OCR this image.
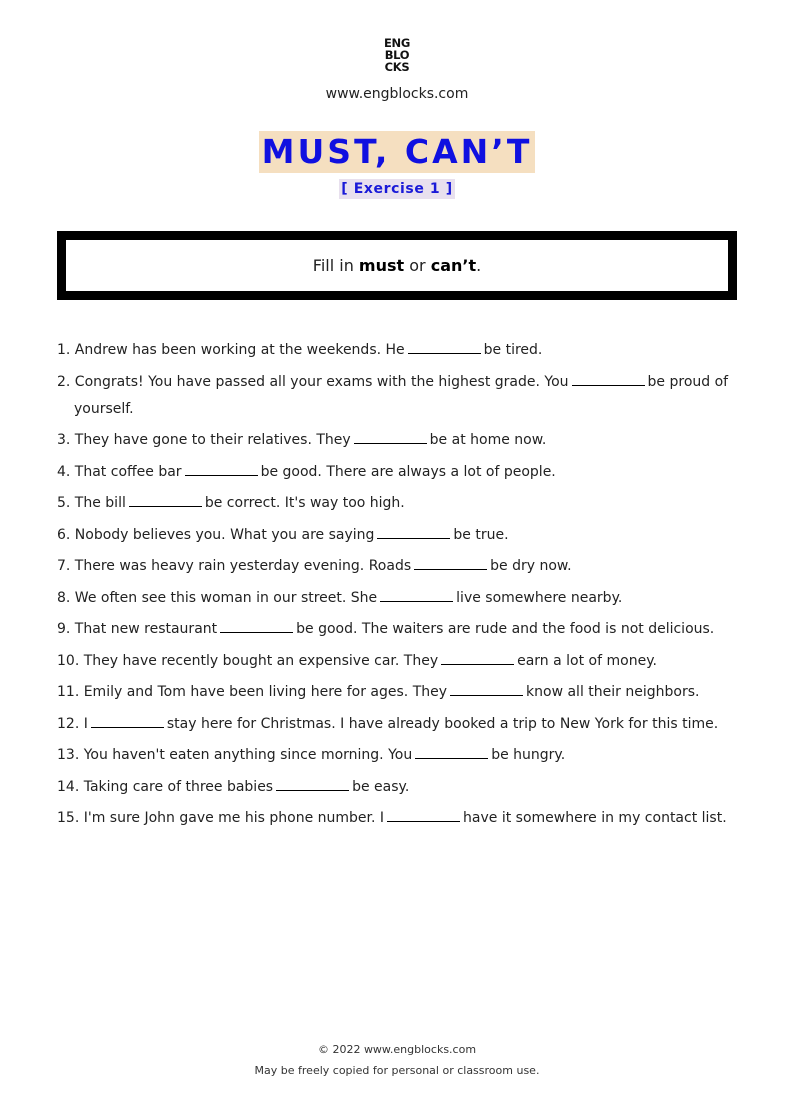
ENG
BLO
CKS
www.engblocks.com
MUST, CAN’T
[ Exercise 1 ]
Fill in must or can’t.
1. Andrew has been working at the weekends. He	be tired.
2. Congrats! You have passed all your exams with the highest grade. You	be proud of yourself.
3. They have gone to their relatives. They	be at home now.
4. That coffee bar	be good. There are always a lot of people.
5. The bill	be correct. It's way too high.
6. Nobody believes you. What you are saying	be true.
7. There was heavy rain yesterday evening. Roads	be dry now.
8. We often see this woman in our street. She	live somewhere nearby.
9. That new restaurant	be good. The waiters are rude and the food is not delicious.
10. They have recently bought an expensive car. They	earn a lot of money.
11. Emily and Tom have been living here for ages. They	know all their neighbors.
12. I	stay here for Christmas. I have already booked a trip to New York for this time.
13. You haven't eaten anything since morning. You	be hungry.
14. Taking care of three babies	be easy.
15. I'm sure John gave me his phone number. I	have it somewhere in my contact list.
© 2022 www.engblocks.com
May be freely copied for personal or classroom use.
